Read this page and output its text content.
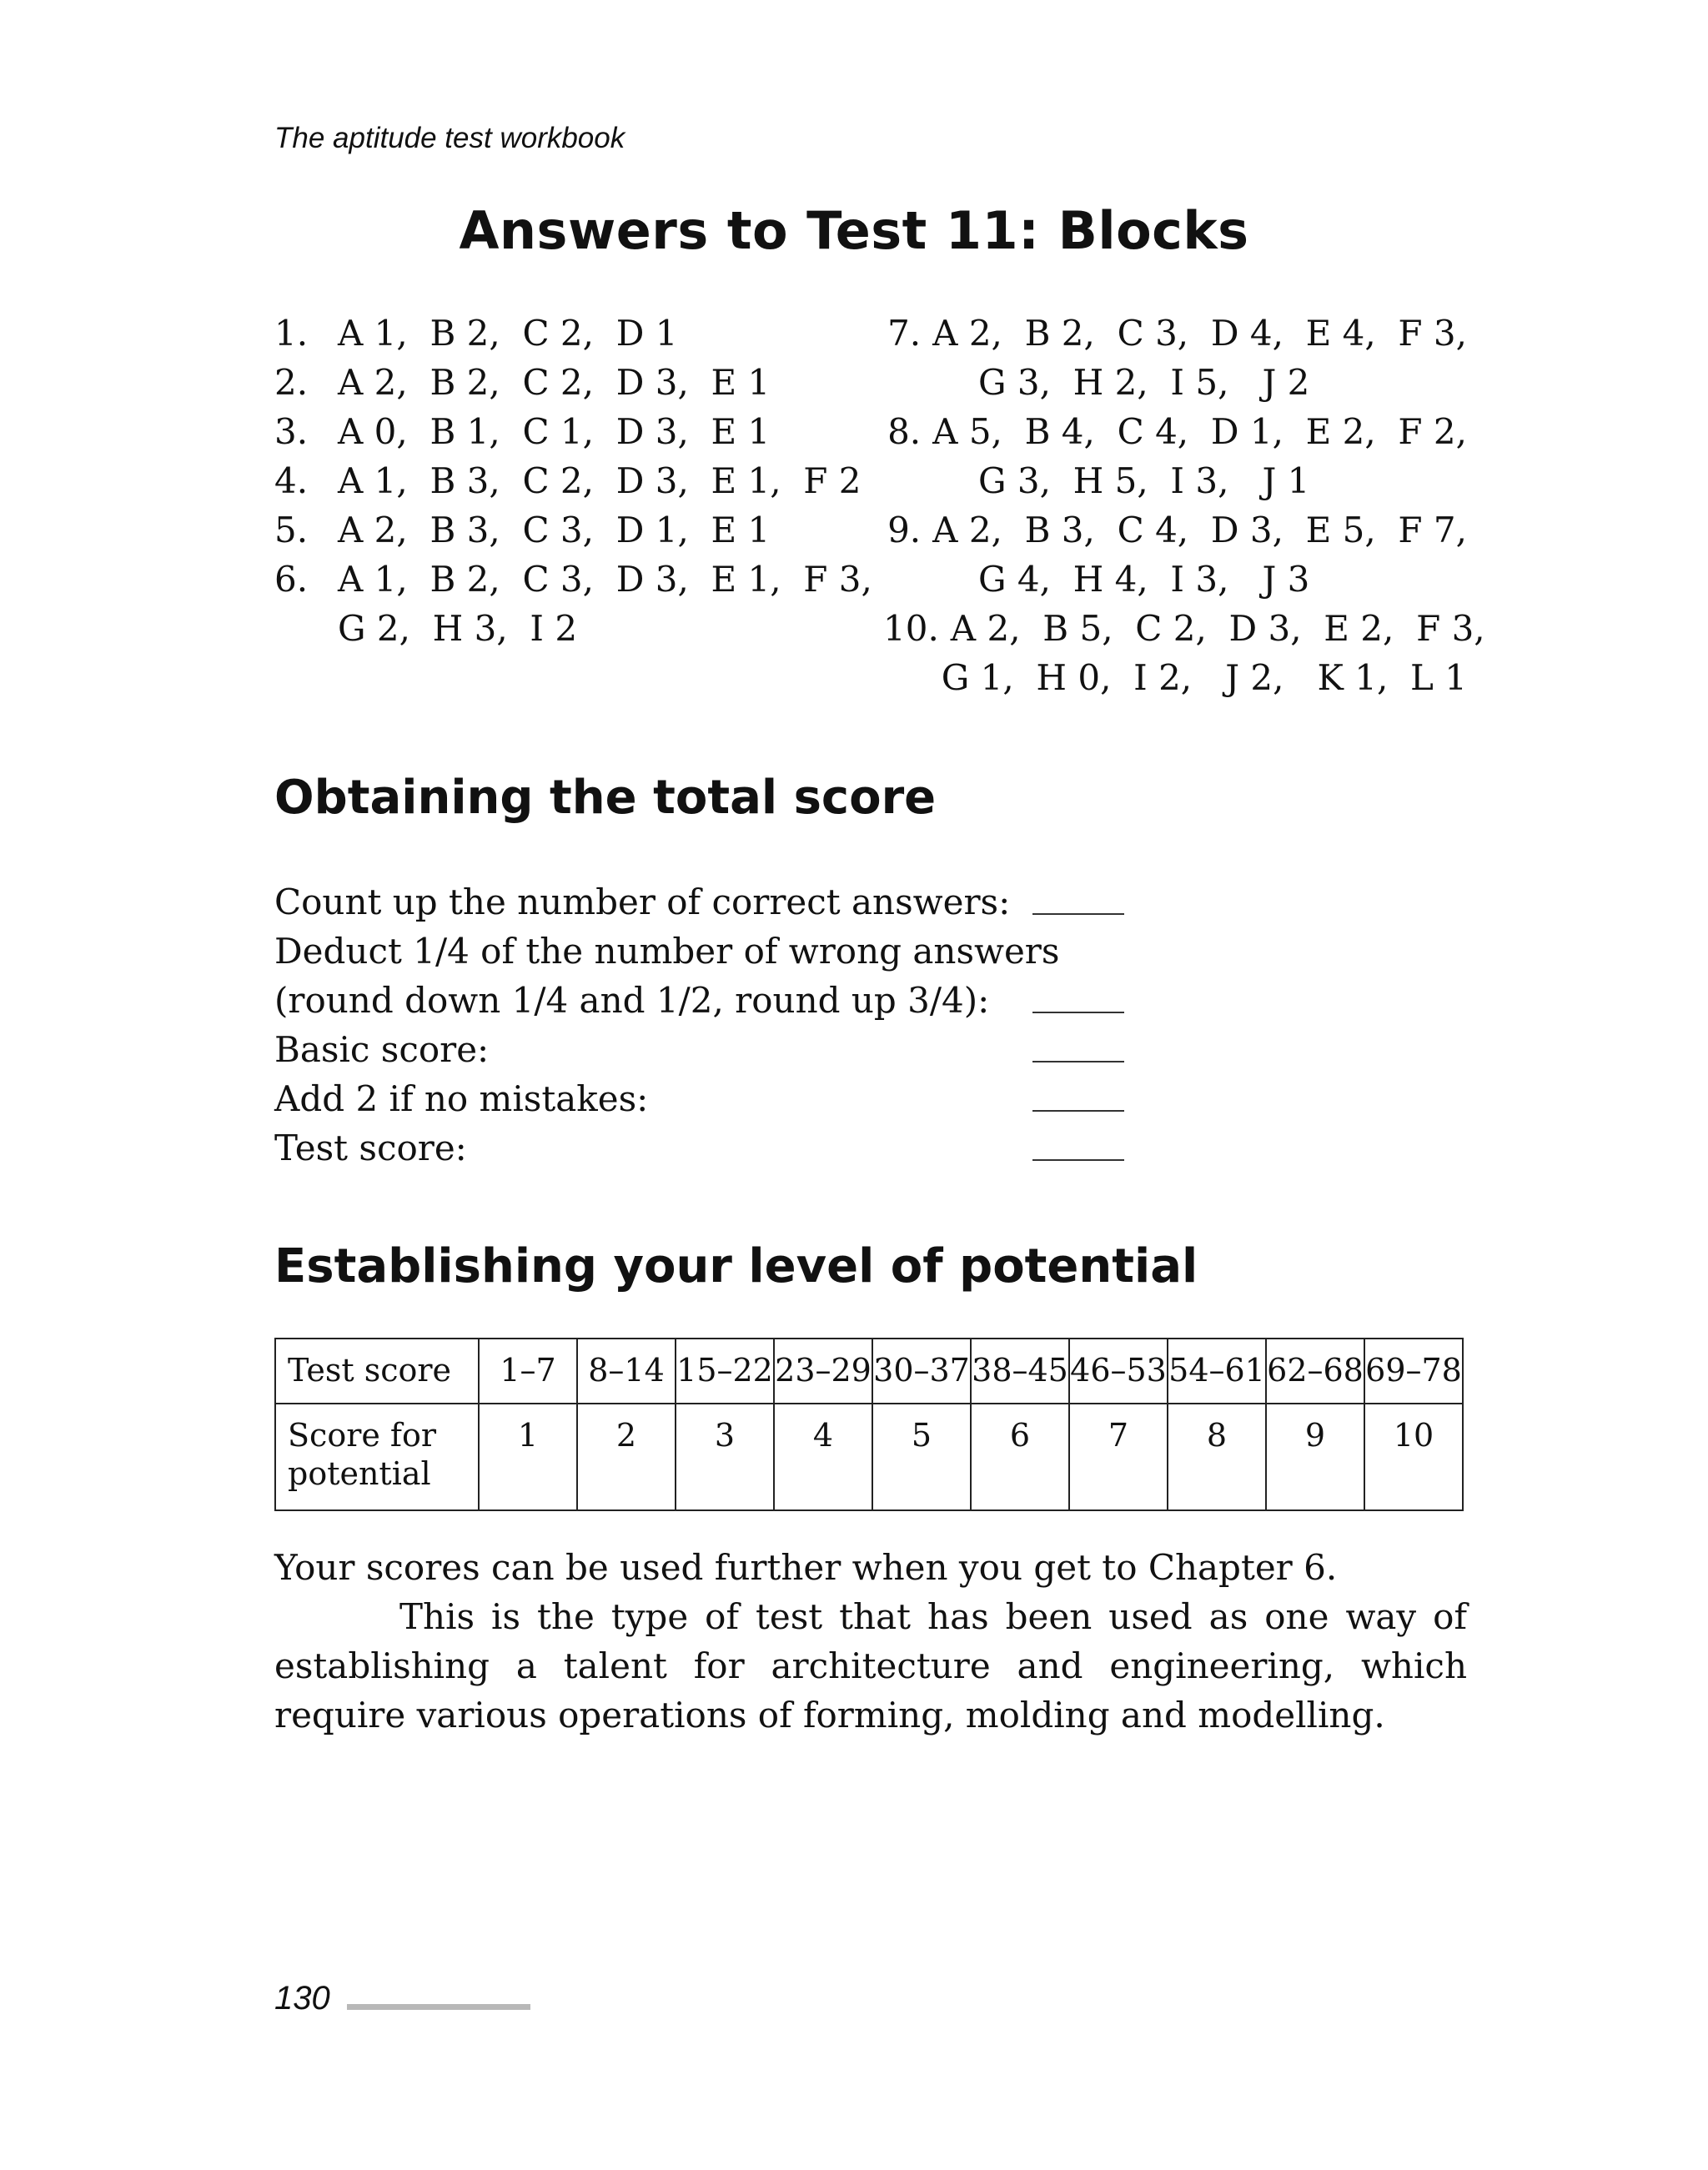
The aptitude test workbook
Answers to Test 11: Blocks
1. A 1,  B 2,  C 2,  D 1
2. A 2,  B 2,  C 2,  D 3,  E 1
3. A 0,  B 1,  C 1,  D 3,  E 1
4. A 1,  B 3,  C 2,  D 3,  E 1,  F 2
5. A 2,  B 3,  C 3,  D 1,  E 1
6. A 1,  B 2,  C 3,  D 3,  E 1,  F 3,
G 2,  H 3,  I 2
7. A 2,  B 2,  C 3,  D 4,  E 4,  F 3,
G 3,  H 2,  I 5,   J 2
8. A 5,  B 4,  C 4,  D 1,  E 2,  F 2,
G 3,  H 5,  I 3,   J 1
9. A 2,  B 3,  C 4,  D 3,  E 5,  F 7,
G 4,  H 4,  I 3,   J 3
10. A 2,  B 5,  C 2,  D 3,  E 2,  F 3,
G 1,  H 0,  I 2,   J 2,   K 1,  L 1
Obtaining the total score
Count up the number of correct answers:
Deduct 1/4 of the number of wrong answers
(round down 1/4 and 1/2, round up 3/4):
Basic score:
Add 2 if no mistakes:
Test score:
Establishing your level of potential
Test score	1–7	8–14	15–22	23–29	30–37	38–45	46–53	54–61	62–68	69–78
Score for potential	1	2	3	4	5	6	7	8	9	10

Your scores can be used further when you get to Chapter 6.

This is the type of test that has been used as one way of establishing a talent for architecture and engineering, which require various operations of forming, molding and modelling.

130
